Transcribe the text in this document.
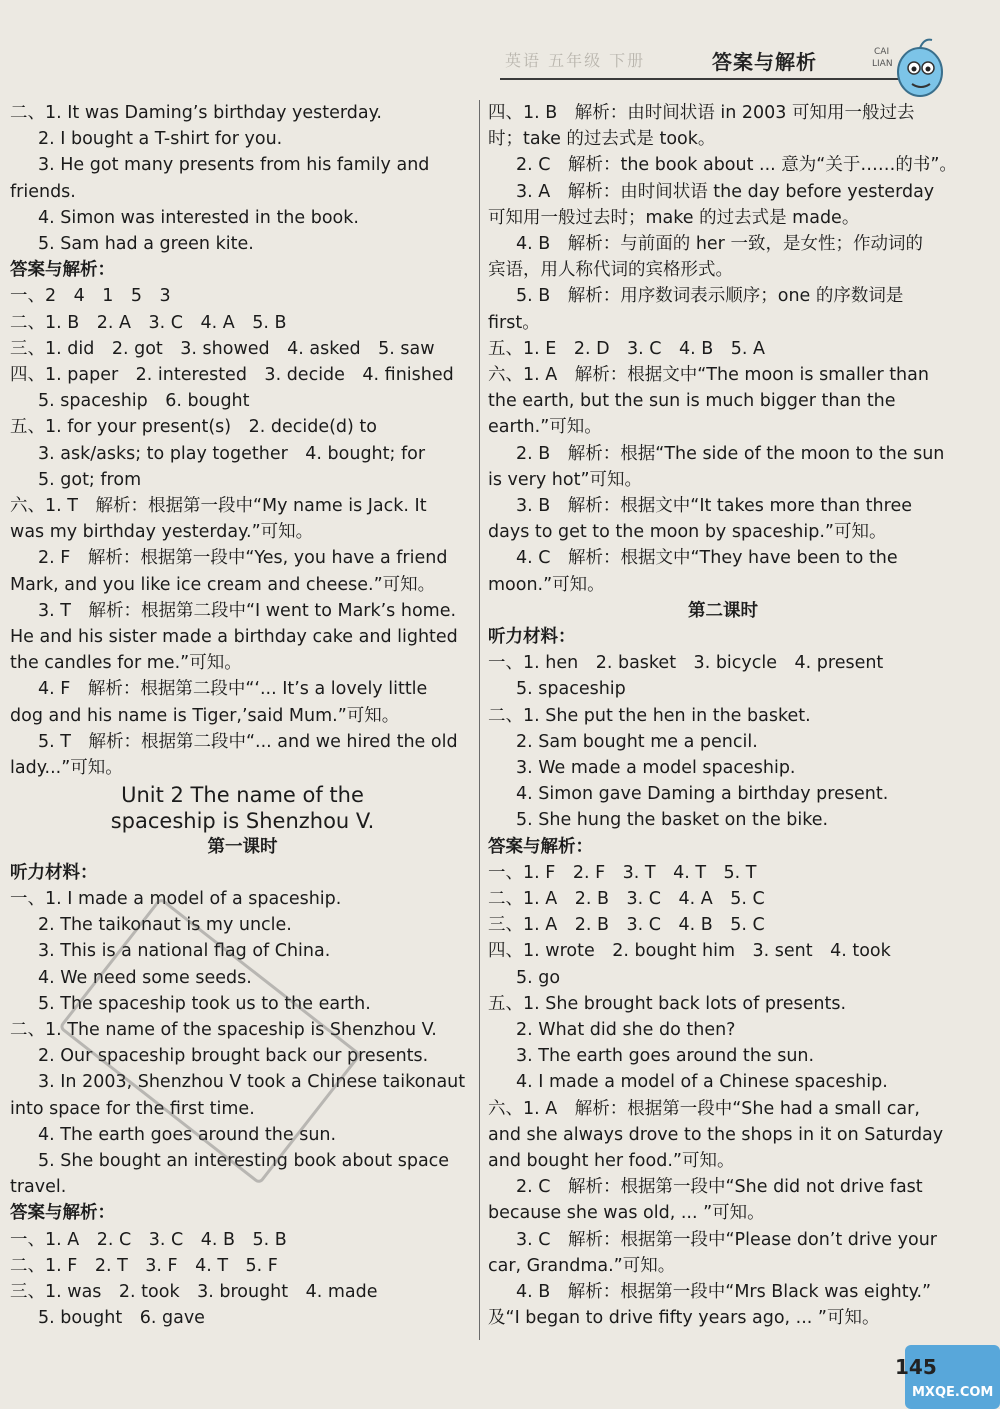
英语 五年级 下册	答案与解析	CAI
LIAN
二、1. It was Daming’s birthday yesterday.
2. I bought a T-shirt for you.
3. He got many presents from his family and
friends.
4. Simon was interested in the book.
5. Sam had a green kite.
答案与解析：
一、2　4　1　5　3
二、1. B　2. A　3. C　4. A　5. B
三、1. did　2. got　3. showed　4. asked　5. saw
四、1. paper　2. interested　3. decide　4. finished
5. spaceship　6. bought
五、1. for your present(s)　2. decide(d) to
3. ask/asks; to play together　4. bought; for
5. got; from
六、1. T　解析：根据第一段中“My name is Jack. It
was my birthday yesterday.”可知。
2. F　解析：根据第一段中“Yes, you have a friend
Mark, and you like ice cream and cheese.”可知。
3. T　解析：根据第二段中“I went to Mark’s home.
He and his sister made a birthday cake and lighted
the candles for me.”可知。
4. F　解析：根据第二段中“‘... It’s a lovely little
dog and his name is Tiger,’said Mum.”可知。
5. T　解析：根据第二段中“... and we hired the old
lady...”可知。
Unit 2 The name of the
spaceship is Shenzhou V.
第一课时
听力材料：
一、1. I made a model of a spaceship.
2. The taikonaut is my uncle.
3. This is a national flag of China.
4. We need some seeds.
5. The spaceship took us to the earth.
二、1. The name of the spaceship is Shenzhou V.
2. Our spaceship brought back our presents.
3. In 2003, Shenzhou V took a Chinese taikonaut
into space for the first time.
4. The earth goes around the sun.
5. She bought an interesting book about space
travel.
答案与解析：
一、1. A　2. C　3. C　4. B　5. B
二、1. F　2. T　3. F　4. T　5. F
三、1. was　2. took　3. brought　4. made
5. bought　6. gave
四、1. B　解析：由时间状语 in 2003 可知用一般过去
时；take 的过去式是 took。
2. C　解析：the book about ... 意为“关于……的书”。
3. A　解析：由时间状语 the day before yesterday
可知用一般过去时；make 的过去式是 made。
4. B　解析：与前面的 her 一致，是女性；作动词的
宾语，用人称代词的宾格形式。
5. B　解析：用序数词表示顺序；one 的序数词是
first。
五、1. E　2. D　3. C　4. B　5. A
六、1. A　解析：根据文中“The moon is smaller than
the earth, but the sun is much bigger than the
earth.”可知。
2. B　解析：根据“The side of the moon to the sun
is very hot”可知。
3. B　解析：根据文中“It takes more than three
days to get to the moon by spaceship.”可知。
4. C　解析：根据文中“They have been to the
moon.”可知。
第二课时
听力材料：
一、1. hen　2. basket　3. bicycle　4. present
5. spaceship
二、1. She put the hen in the basket.
2. Sam bought me a pencil.
3. We made a model spaceship.
4. Simon gave Daming a birthday present.
5. She hung the basket on the bike.
答案与解析：
一、1. F　2. F　3. T　4. T　5. T
二、1. A　2. B　3. C　4. A　5. C
三、1. A　2. B　3. C　4. B　5. C
四、1. wrote　2. bought him　3. sent　4. took
5. go
五、1. She brought back lots of presents.
2. What did she do then?
3. The earth goes around the sun.
4. I made a model of a Chinese spaceship.
六、1. A　解析：根据第一段中“She had a small car,
and she always drove to the shops in it on Saturday
and bought her food.”可知。
2. C　解析：根据第一段中“She did not drive fast
because she was old, ... ”可知。
3. C　解析：根据第一段中“Please don’t drive your
car, Grandma.”可知。
4. B　解析：根据第一段中“Mrs Black was eighty.”
及“I began to drive fifty years ago, ... ”可知。
MXQE.COM
145
